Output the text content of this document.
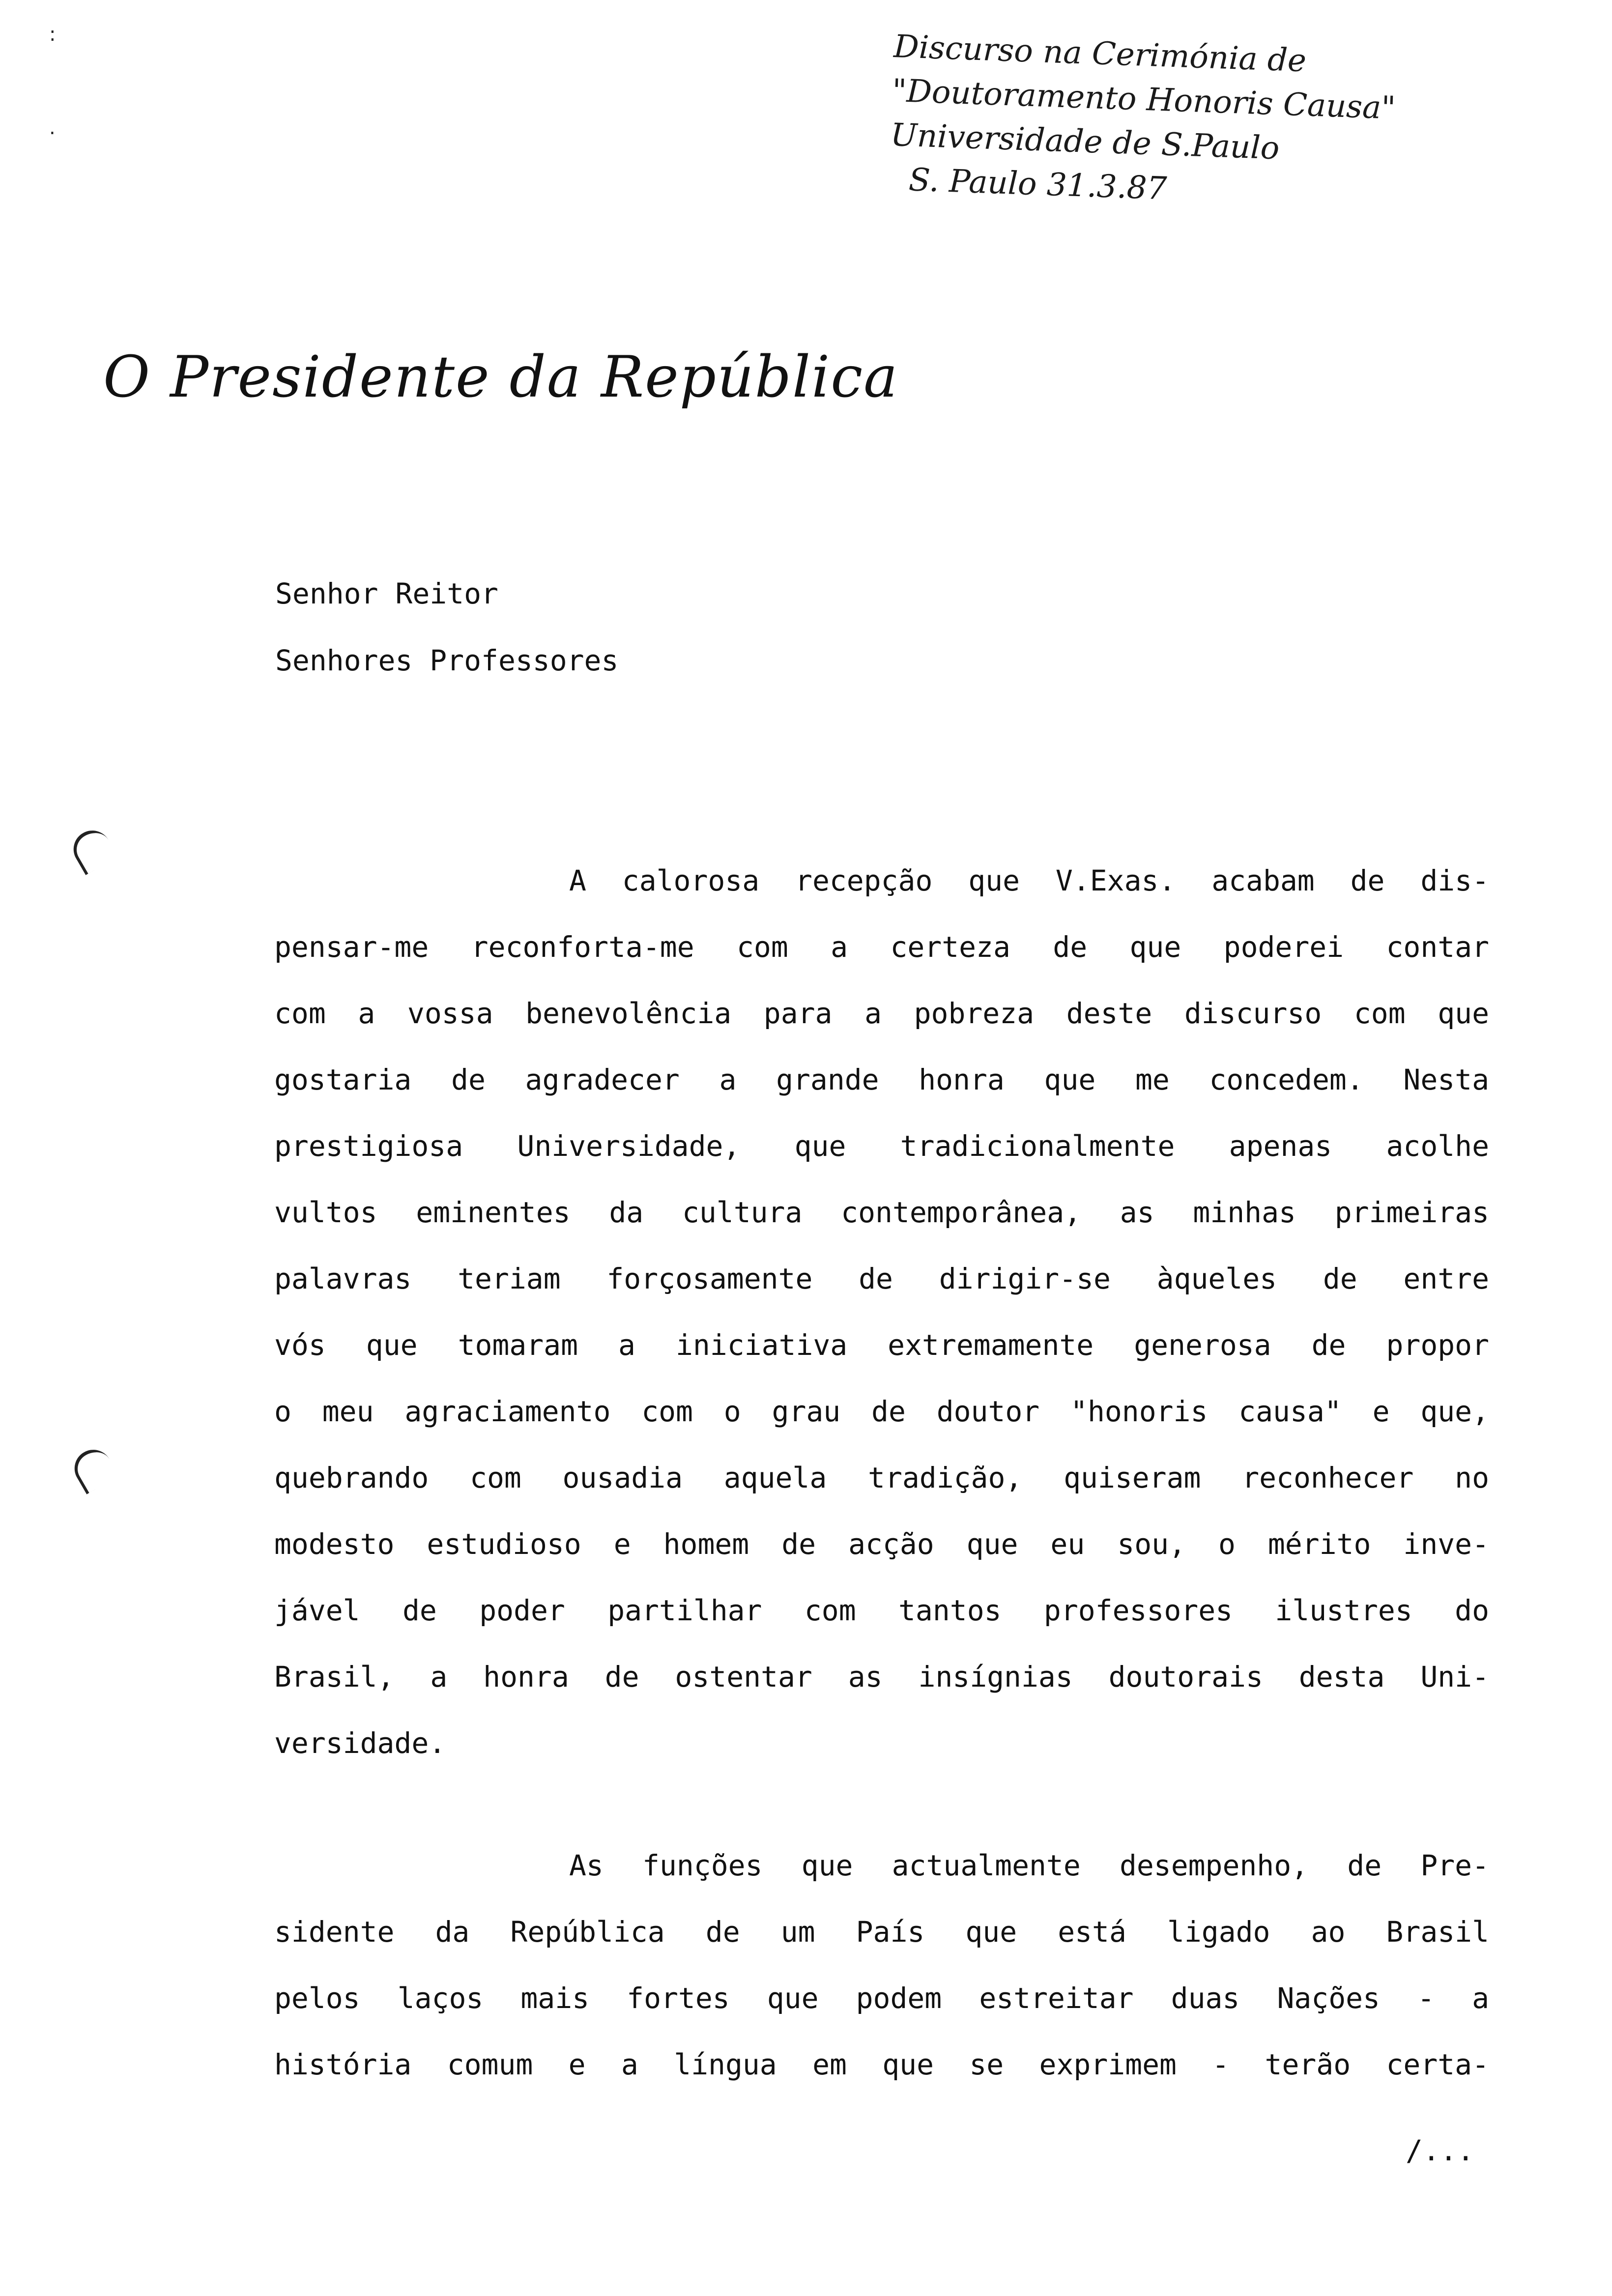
:
.
Discurso na Cerimónia de
"Doutoramento Honoris Causa"
Universidade de S.Paulo
S. Paulo 31.3.87
O Presidente da República
Senhor Reitor
Senhores Professores
A calorosa recepção que V.Exas. acabam de dis-
pensar-me reconforta-me com a certeza de que poderei contar
com a vossa benevolência para a pobreza deste discurso com que
gostaria de agradecer a grande honra que me concedem. Nesta
prestigiosa Universidade, que tradicionalmente apenas acolhe
vultos eminentes da cultura contemporânea, as minhas primeiras
palavras teriam forçosamente de dirigir-se àqueles de entre
vós que tomaram a iniciativa extremamente generosa de propor
o meu agraciamento com o grau de doutor "honoris causa" e que,
quebrando com ousadia aquela tradição, quiseram reconhecer no
modesto estudioso e homem de acção que eu sou, o mérito inve-
jável de poder partilhar com tantos professores ilustres do
Brasil, a honra de ostentar as insígnias doutorais desta Uni-
versidade.
As funções que actualmente desempenho, de Pre-
sidente da República de um País que está ligado ao Brasil
pelos laços mais fortes que podem estreitar duas Nações - a
história comum e a língua em que se exprimem - terão certa-
/...
